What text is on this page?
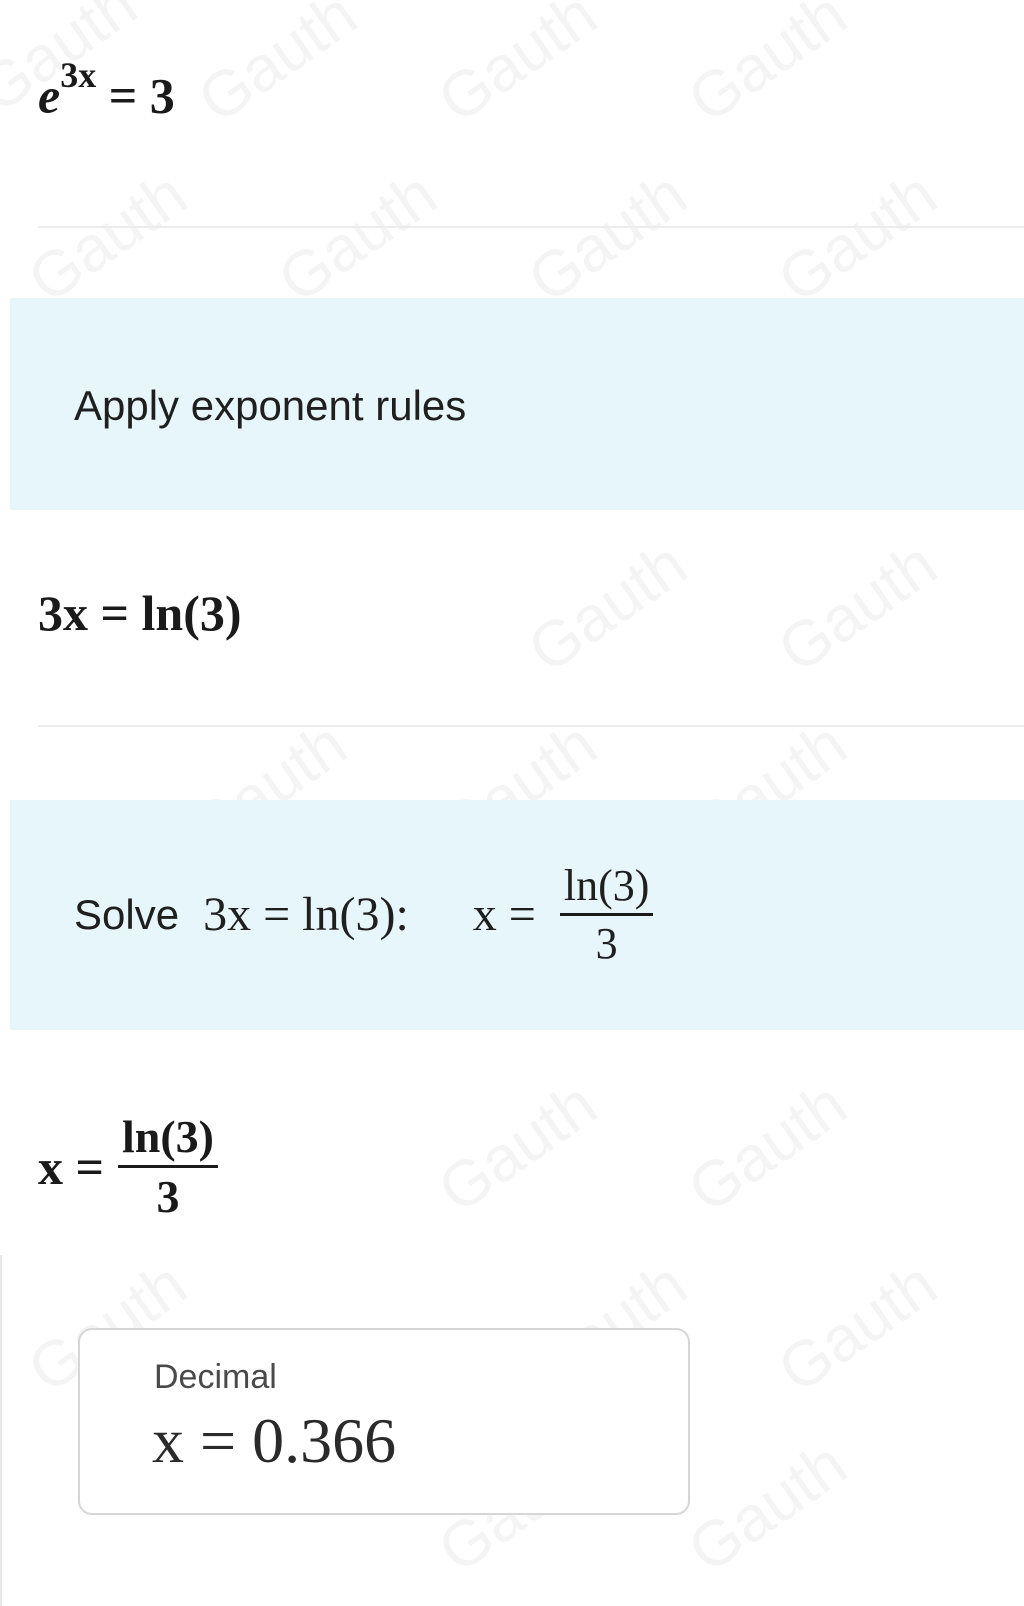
$e^{3x} = 3$
Apply exponent rules
3x = ln(3)
Solve 3x = ln(3): $x = \frac{\ln(3)}{3}$
$x = \frac{\ln(3)}{3}$
Decimal
x = 0.366
